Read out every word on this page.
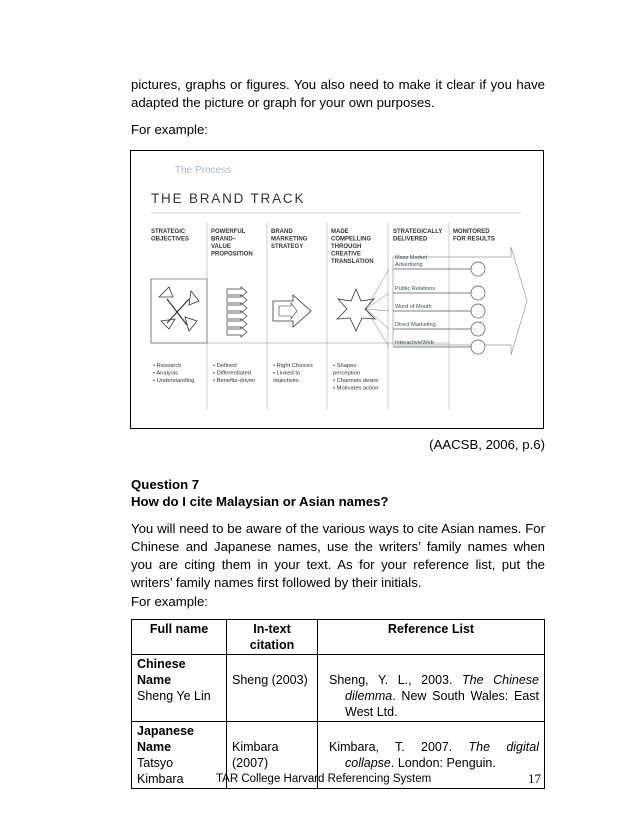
pictures, graphs or figures. You also need to make it clear if you have adapted the picture or graph for your own purposes.

For example:

The Process
THE BRAND TRACK
STRATEGIC
OBJECTIVES
POWERFUL
BRAND–
VALUE
PROPOSITION
BRAND
MARKETING
STRATEGY
MADE
COMPELLING
THROUGH
CREATIVE
TRANSLATION
STRATEGICALLY
DELIVERED
MONITORED
FOR RESULTS
Mass Market
Advertising
Public Relations
Word of Mouth
Direct Marketing
Interactive/Web
• Research
• Analysis
• Understanding
• Defined
• Differentiated
• Benefits-driven
• Right Choices
• Linked to
objectives
• Shapes
perception
• Channels desire
• Motivates action
(AACSB, 2006, p.6)

Question 7

How do I cite Malaysian or Asian names?

You will need to be aware of the various ways to cite Asian names. For Chinese and Japanese names, use the writers’ family names when you are citing them in your text. As for your reference list, put the writers’ family names first followed by their initials.

For example:

Full name	In-text citation	Reference List

Chinese Name
Sheng Ye Lin	Sheng (2003)	Sheng, Y. L., 2003. The Chinese dilemma. New South Wales: East West Ltd.

Japanese Name
Tatsyo Kimbara	Kimbara (2007)	Kimbara, T. 2007. The digital collapse. London: Penguin.
TAR College Harvard Referencing System	17
